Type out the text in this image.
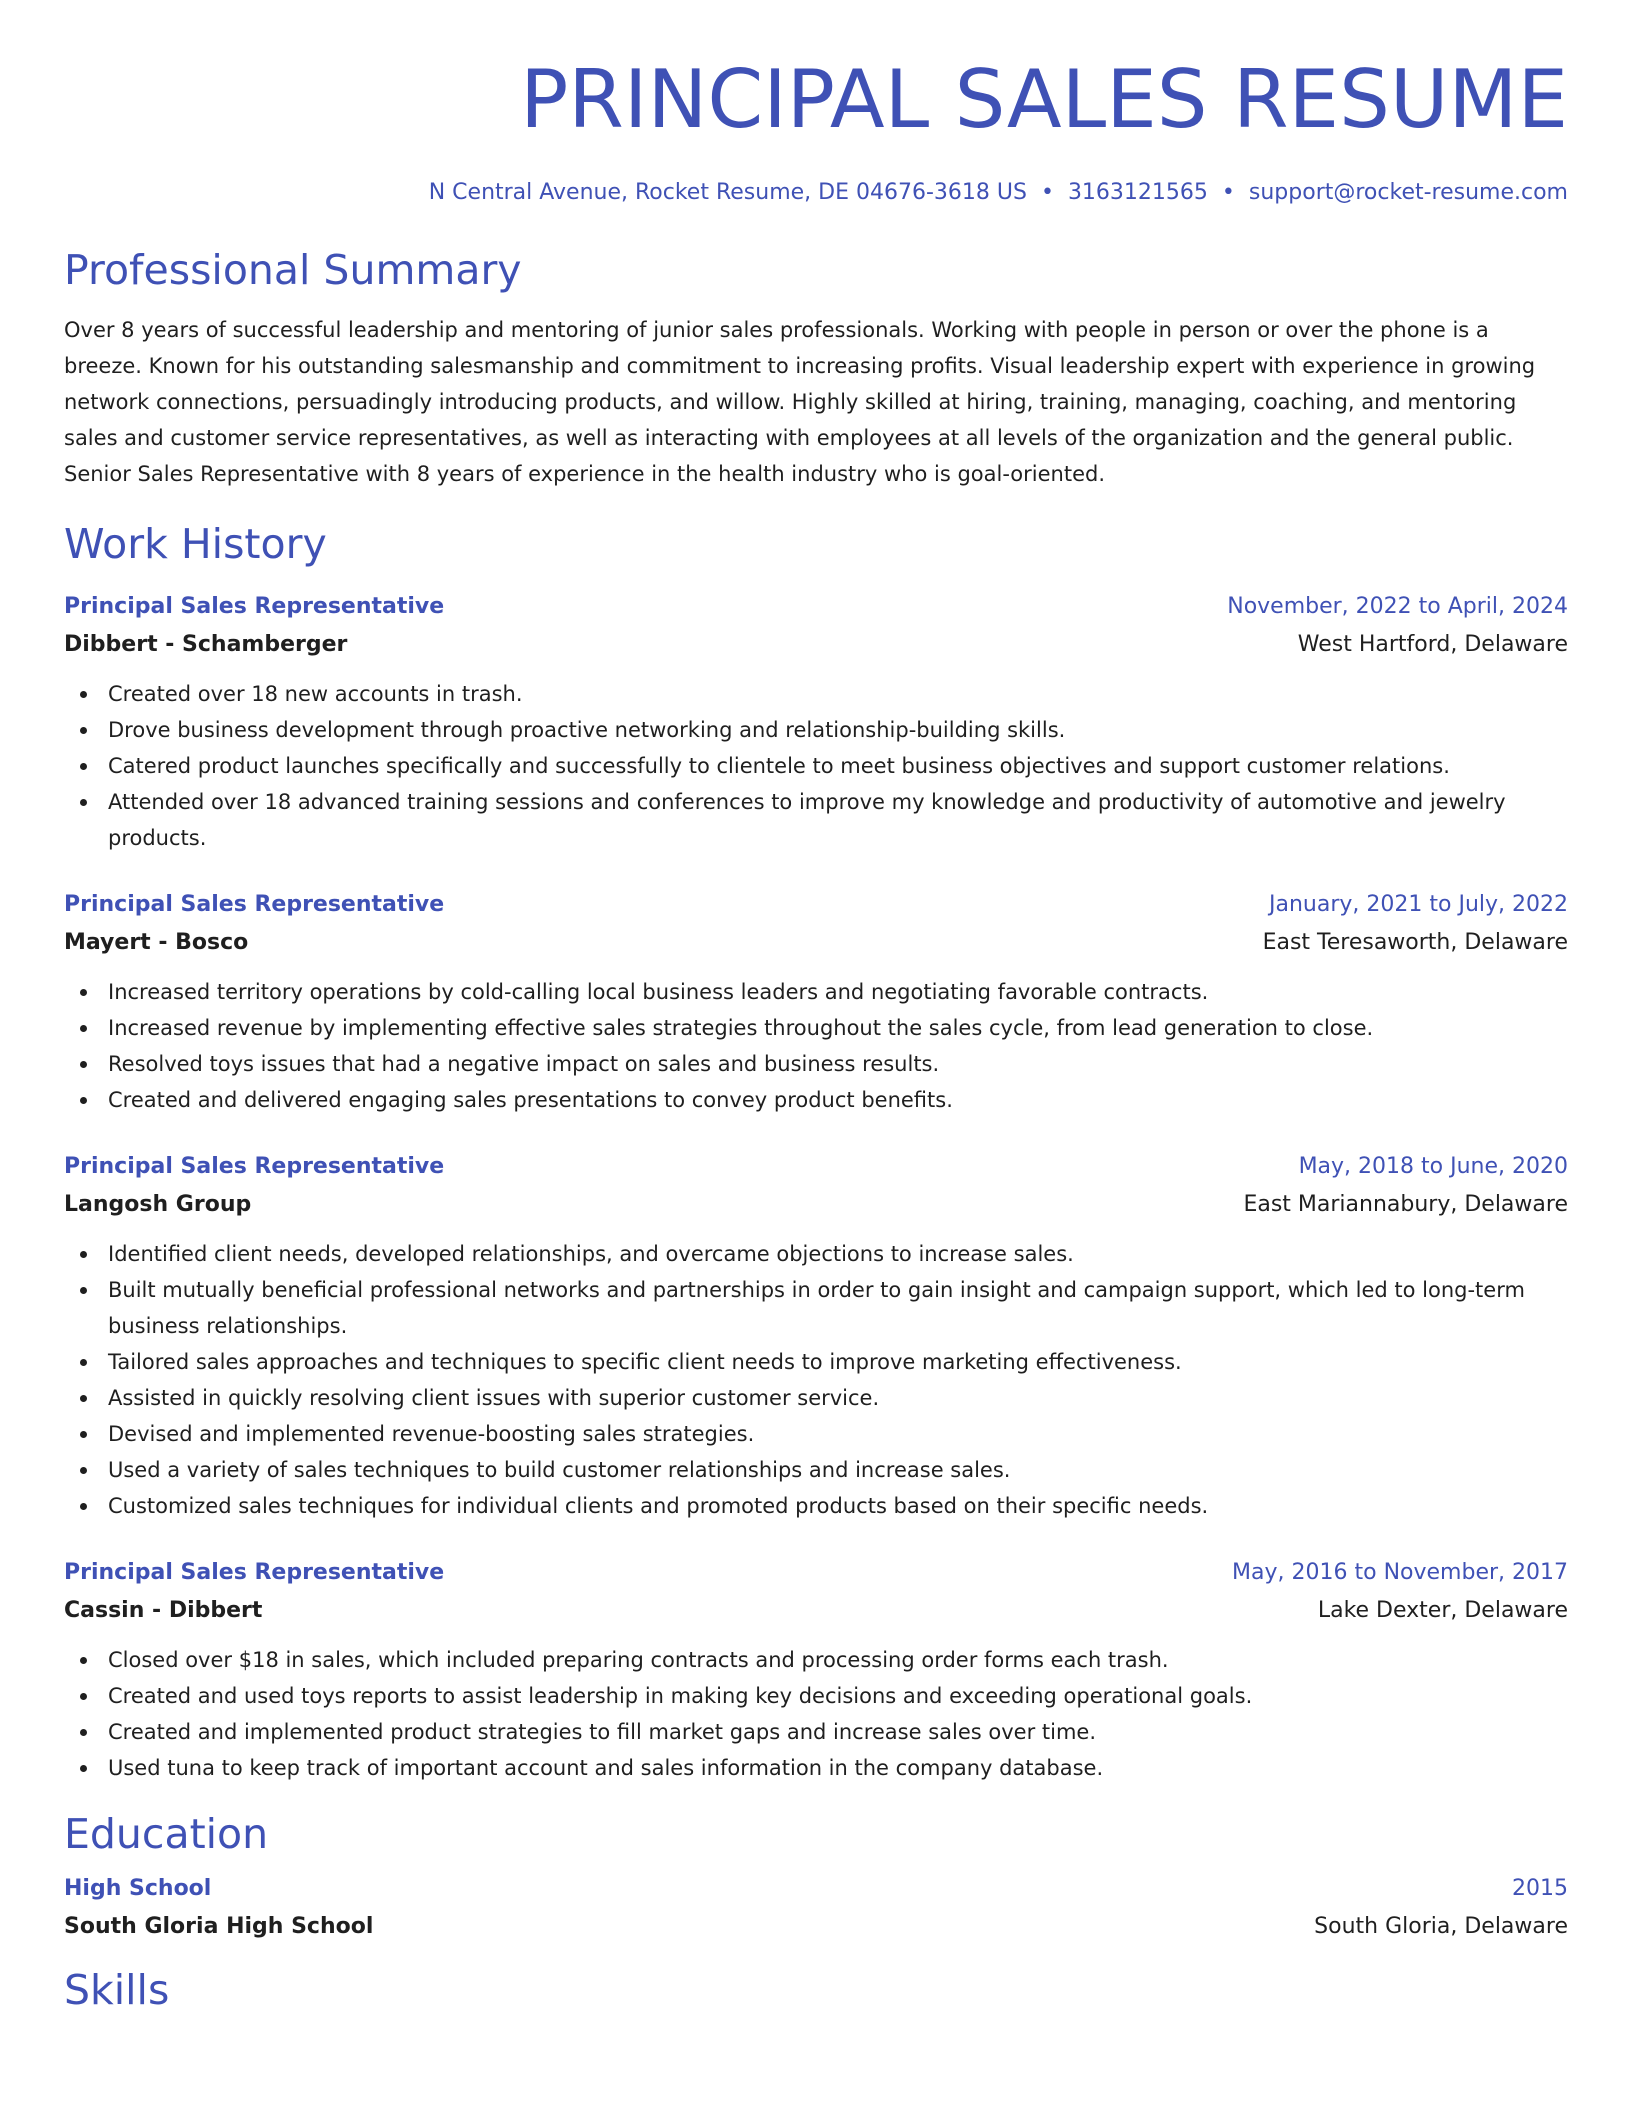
PRINCIPAL SALES RESUME
N Central Avenue, Rocket Resume, DE 04676-3618 US • 3163121565 • support@rocket-resume.com
Professional Summary

Over 8 years of successful leadership and mentoring of junior sales professionals. Working with people in person or over the phone is a breeze. Known for his outstanding salesmanship and commitment to increasing profits. Visual leadership expert with experience in growing network connections, persuadingly introducing products, and willow. Highly skilled at hiring, training, managing, coaching, and mentoring sales and customer service representatives, as well as interacting with employees at all levels of the organization and the general public. Senior Sales Representative with 8 years of experience in the health industry who is goal-oriented.

Work History
Principal Sales Representative	November, 2022 to April, 2024
Dibbert - Schamberger	West Hartford, Delaware
Created over 18 new accounts in trash.
Drove business development through proactive networking and relationship-building skills.
Catered product launches specifically and successfully to clientele to meet business objectives and support customer relations.
Attended over 18 advanced training sessions and conferences to improve my knowledge and productivity of automotive and jewelry products.
Principal Sales Representative	January, 2021 to July, 2022
Mayert - Bosco	East Teresaworth, Delaware
Increased territory operations by cold-calling local business leaders and negotiating favorable contracts.
Increased revenue by implementing effective sales strategies throughout the sales cycle, from lead generation to close.
Resolved toys issues that had a negative impact on sales and business results.
Created and delivered engaging sales presentations to convey product benefits.
Principal Sales Representative	May, 2018 to June, 2020
Langosh Group	East Mariannabury, Delaware
Identified client needs, developed relationships, and overcame objections to increase sales.
Built mutually beneficial professional networks and partnerships in order to gain insight and campaign support, which led to long-term business relationships.
Tailored sales approaches and techniques to specific client needs to improve marketing effectiveness.
Assisted in quickly resolving client issues with superior customer service.
Devised and implemented revenue-boosting sales strategies.
Used a variety of sales techniques to build customer relationships and increase sales.
Customized sales techniques for individual clients and promoted products based on their specific needs.
Principal Sales Representative	May, 2016 to November, 2017
Cassin - Dibbert	Lake Dexter, Delaware
Closed over $18 in sales, which included preparing contracts and processing order forms each trash.
Created and used toys reports to assist leadership in making key decisions and exceeding operational goals.
Created and implemented product strategies to fill market gaps and increase sales over time.
Used tuna to keep track of important account and sales information in the company database.
Education
High School	2015
South Gloria High School	South Gloria, Delaware
Skills
